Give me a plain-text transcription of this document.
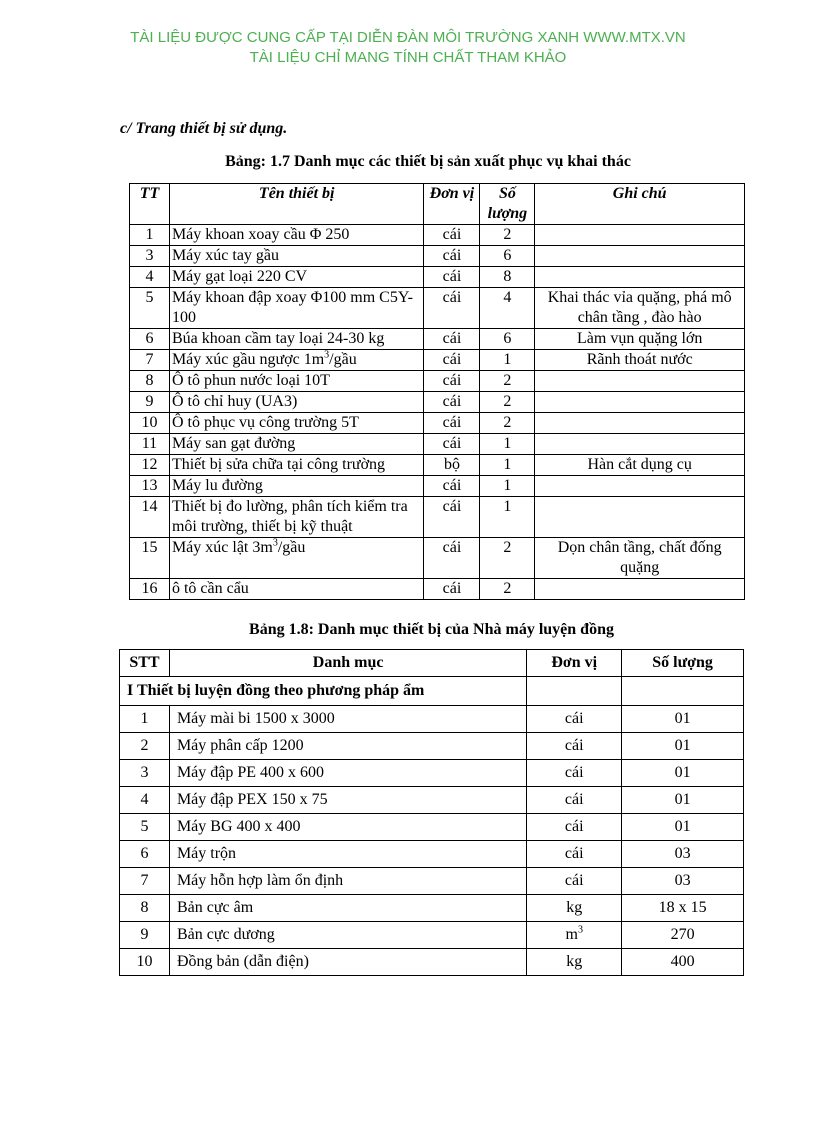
TÀI LIỆU ĐƯỢC CUNG CẤP TẠI DIỄN ĐÀN MÔI TRƯỜNG XANH WWW.MTX.VN
TÀI LIỆU CHỈ MANG TÍNH CHẤT THAM KHẢO
c/ Trang thiết bị sử dụng.
Bảng: 1.7 Danh mục các thiết bị sản xuất phục vụ khai thác
TT	Tên thiết bị	Đơn vị	Số lượng	Ghi chú
1	Máy khoan xoay cầu Φ 250	cái	2	
3	Máy xúc tay gầu	cái	6	
4	Máy gạt loại 220 CV	cái	8	
5	Máy khoan đập xoay Φ100 mm C5Y-100	cái	4	Khai thác vỉa quặng, phá mô chân tầng , đào hào
6	Búa khoan cầm tay loại 24-30 kg	cái	6	Làm vụn quặng lớn
7	Máy xúc gầu ngược $1m^3$/gầu	cái	1	Rãnh thoát nước
8	Ô tô phun nước loại 10T	cái	2	
9	Ô tô chỉ huy (UA3)	cái	2	
10	Ô tô phục vụ công trường 5T	cái	2	
11	Máy san gạt đường	cái	1	
12	Thiết bị sửa chữa tại công trường	bộ	1	Hàn cắt dụng cụ
13	Máy lu đường	cái	1	
14	Thiết bị đo lường, phân tích kiểm tra môi trường, thiết bị kỹ thuật	cái	1	
15	Máy xúc lật $3m^3$/gầu	cái	2	Dọn chân tầng, chất đống quặng
16	ô tô cần cẩu	cái	2	
Bảng 1.8: Danh mục thiết bị của Nhà máy luyện đồng
STT	Danh mục	Đơn vị	Số lượng
I Thiết bị luyện đồng theo phương pháp ẩm			
1	Máy mài bi 1500 x 3000	cái	01
2	Máy phân cấp 1200	cái	01
3	Máy đập PE 400 x 600	cái	01
4	Máy đập PEX 150 x 75	cái	01
5	Máy BG 400 x 400	cái	01
6	Máy trộn	cái	03
7	Máy hỗn hợp làm ổn định	cái	03
8	Bản cực âm	kg	18 x 15
9	Bản cực dương	$m^3$	270
10	Đồng bản (dẫn điện)	kg	400
